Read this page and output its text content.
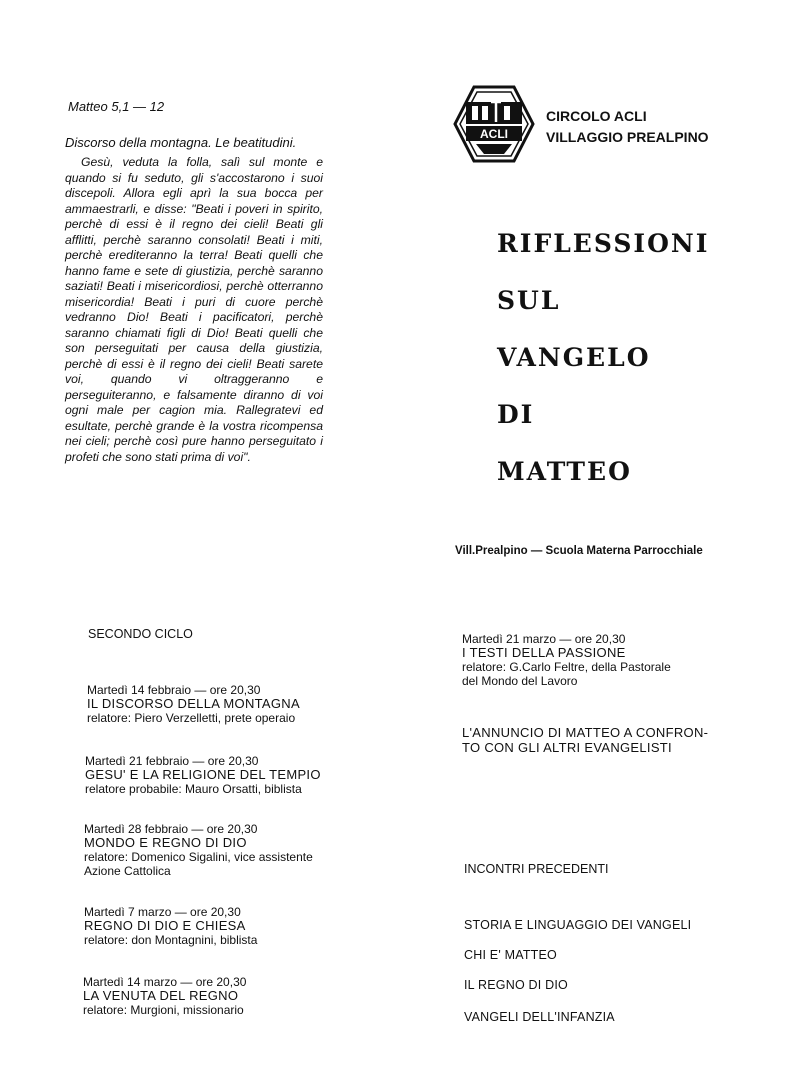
Matteo 5,1 — 12
Discorso della montagna. Le beatitudini.
Gesù, veduta la folla, salì sul monte e quando si fu seduto, gli s'accostarono i suoi discepoli. Allora egli aprì la sua bocca per ammaestrarli, e disse: "Beati i poveri in spirito, perchè di essi è il regno dei cieli! Beati gli afflitti, perchè saranno consolati! Beati i miti, perchè erediteranno la terra! Beati quelli che hanno fame e sete di giustizia, perchè saranno saziati! Beati i misericordiosi, perchè otterranno misericordia! Beati i puri di cuore perchè vedranno Dio! Beati i pacificatori, perchè saranno chiamati figli di Dio! Beati quelli che son perseguitati per causa della giustizia, perchè di essi è il regno dei cieli! Beati sarete voi, quando vi oltraggeranno e perseguiteranno, e falsamente diranno di voi ogni male per cagion mia. Rallegratevi ed esultate, perchè grande è la vostra ricompensa nei cieli; perchè così pure hanno perseguitato i profeti che sono stati prima di voi".
ACLI
CIRCOLO ACLI
VILLAGGIO PREALPINO
RIFLESSIONI
SUL
VANGELO
DI
MATTEO
Vill.Prealpino — Scuola Materna Parrocchiale
SECONDO CICLO
Martedì 14 febbraio — ore 20,30
IL DISCORSO DELLA MONTAGNA
relatore: Piero Verzelletti, prete operaio
Martedì 21 febbraio — ore 20,30
GESU' E LA RELIGIONE DEL TEMPIO
relatore probabile: Mauro Orsatti, biblista
Martedì 28 febbraio — ore 20,30
MONDO E REGNO DI DIO
relatore: Domenico Sigalini, vice assistente
Azione Cattolica
Martedì 7 marzo — ore 20,30
REGNO DI DIO E CHIESA
relatore: don Montagnini, biblista
Martedì 14 marzo — ore 20,30
LA VENUTA DEL REGNO
relatore: Murgioni, missionario
Martedì 21 marzo — ore 20,30
I TESTI DELLA PASSIONE
relatore: G.Carlo Feltre, della Pastorale
del Mondo del Lavoro
L'ANNUNCIO DI MATTEO A CONFRON-
TO CON GLI ALTRI EVANGELISTI
INCONTRI PRECEDENTI
STORIA E LINGUAGGIO DEI VANGELI
CHI E' MATTEO
IL REGNO DI DIO
VANGELI DELL'INFANZIA
